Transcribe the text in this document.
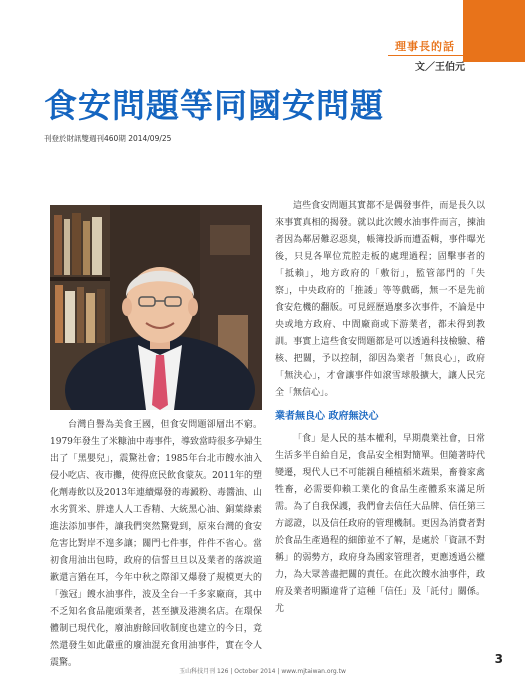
理事長的話
文／王伯元
食安問題等同國安問題
刊登於財訊雙週刊460期 2014/09/25

台灣自譽為美食王國，但食安問題卻層出不窮。1979年發生了米糠油中毒事件，導致當時很多孕婦生出了「黑嬰兒」，震驚社會；1985年台北市餿水油入侵小吃店、夜市攤，使得庶民飲食蒙灰。2011年的塑化劑毒飲以及2013年連續爆發的毒澱粉、毒醬油、山水劣質米、胖達人人工香精、大統黑心油、銅葉綠素進法添加事件，讓我們突然驚覺到，原來台灣的食安危害比對岸不遑多讓；關門七件事，件件不省心。當初食用油出包時，政府的信誓旦旦以及業者的落淚道歉還言猶在耳，今年中秋之際卻又爆發了規模更大的「強冠」餿水油事件，波及全台一千多家廠商，其中不乏知名食品龍頭業者，甚至擴及港澳名店。在環保體制已現代化，廢油廚餘回收制度也建立的今日，竟然還發生如此嚴重的廢油混充食用油事件，實在令人震驚。

這些食安問題其實都不是偶發事件，而是長久以來事實真相的揭發。就以此次餿水油事件而言，揀油者因為鄰居難忍惡臭，帳簿投訴而遭盃輯，事件曝光後，只見各單位荒腔走板的處理過程；固擊事者的「抵賴」，地方政府的「敷衍」，監管部門的「失察」，中央政府的「推諉」等等戲碼，無一不是先前食安危機的翻版。可見經歷過麼多次事件，不論是中央或地方政府、中間廠商或下游業者，都未得到教訓。事實上這些食安問題都是可以透過科技檢驗、稽核、把關，予以控制，卻因為業者「無良心」，政府「無決心」，才會讓事件如滾雪球般擴大，讓人民完全「無信心」。

業者無良心 政府無決心

「食」是人民的基本權利，早期農業社會，日常生活多半自給自足，食品安全相對簡單。但隨著時代變遷，現代人已不可能親自種植稻米蔬果，畜養家禽牲畜，必需要仰賴工業化的食品生產體系來滿足所需。為了自我保護，我們會去信任大品牌、信任第三方認證，以及信任政府的管理機制。更因為消費者對於食品生產過程的細節並不了解，是處於「資訊不對稱」的弱勢方，政府身為國家管理者，更應透過公權力，為大眾善盡把關的責任。在此次餿水油事件，政府及業者明顯違背了這種「信任」及「託付」關係。尤

玉山科技月刊 126 | October 2014 | www.mjtaiwan.org.tw
3
